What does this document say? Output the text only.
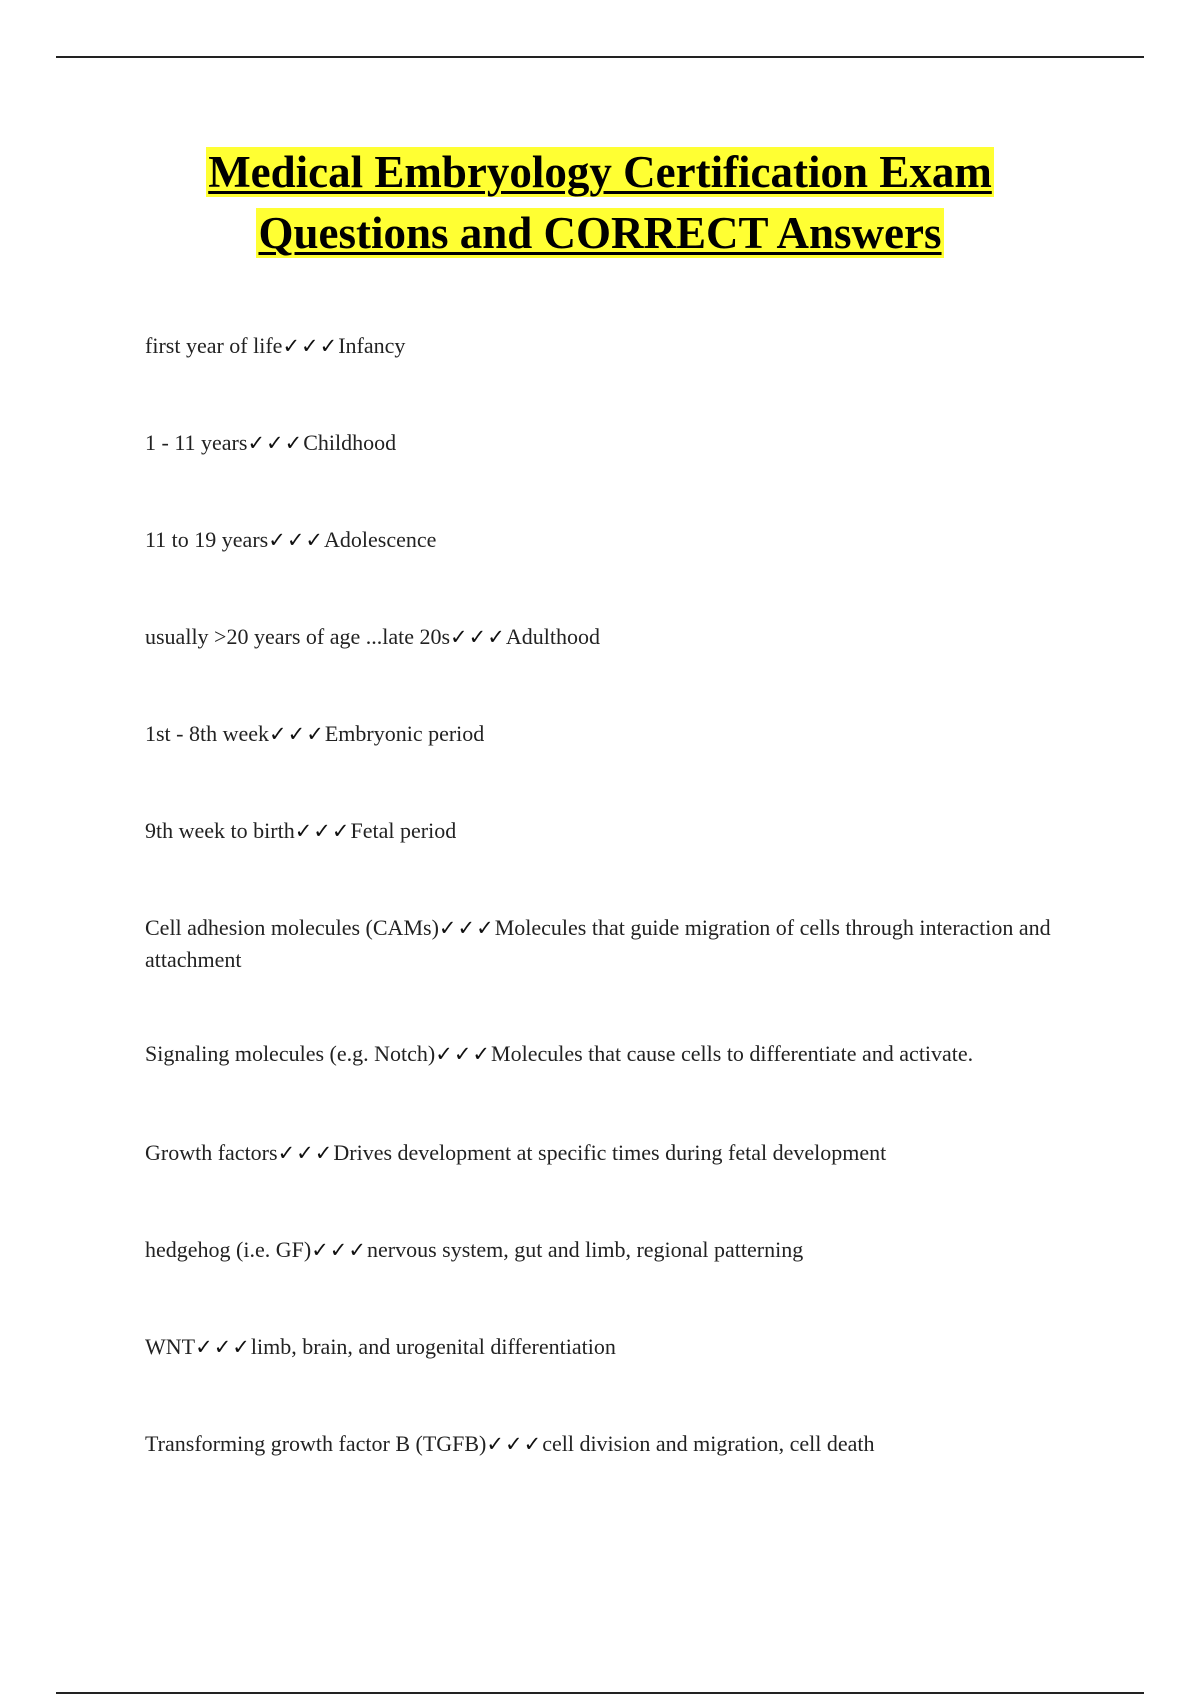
Medical Embryology Certification Exam
Questions and CORRECT Answers
first year of life✓✓✓Infancy
1 - 11 years✓✓✓Childhood
11 to 19 years✓✓✓Adolescence
usually >20 years of age ...late 20s✓✓✓Adulthood
1st - 8th week✓✓✓Embryonic period
9th week to birth✓✓✓Fetal period
Cell adhesion molecules (CAMs)✓✓✓Molecules that guide migration of cells through interaction and attachment
Signaling molecules (e.g. Notch)✓✓✓Molecules that cause cells to differentiate and activate.
Growth factors✓✓✓Drives development at specific times during fetal development
hedgehog (i.e. GF)✓✓✓nervous system, gut and limb, regional patterning
WNT✓✓✓limb, brain, and urogenital differentiation
Transforming growth factor B (TGFB)✓✓✓cell division and migration, cell death
